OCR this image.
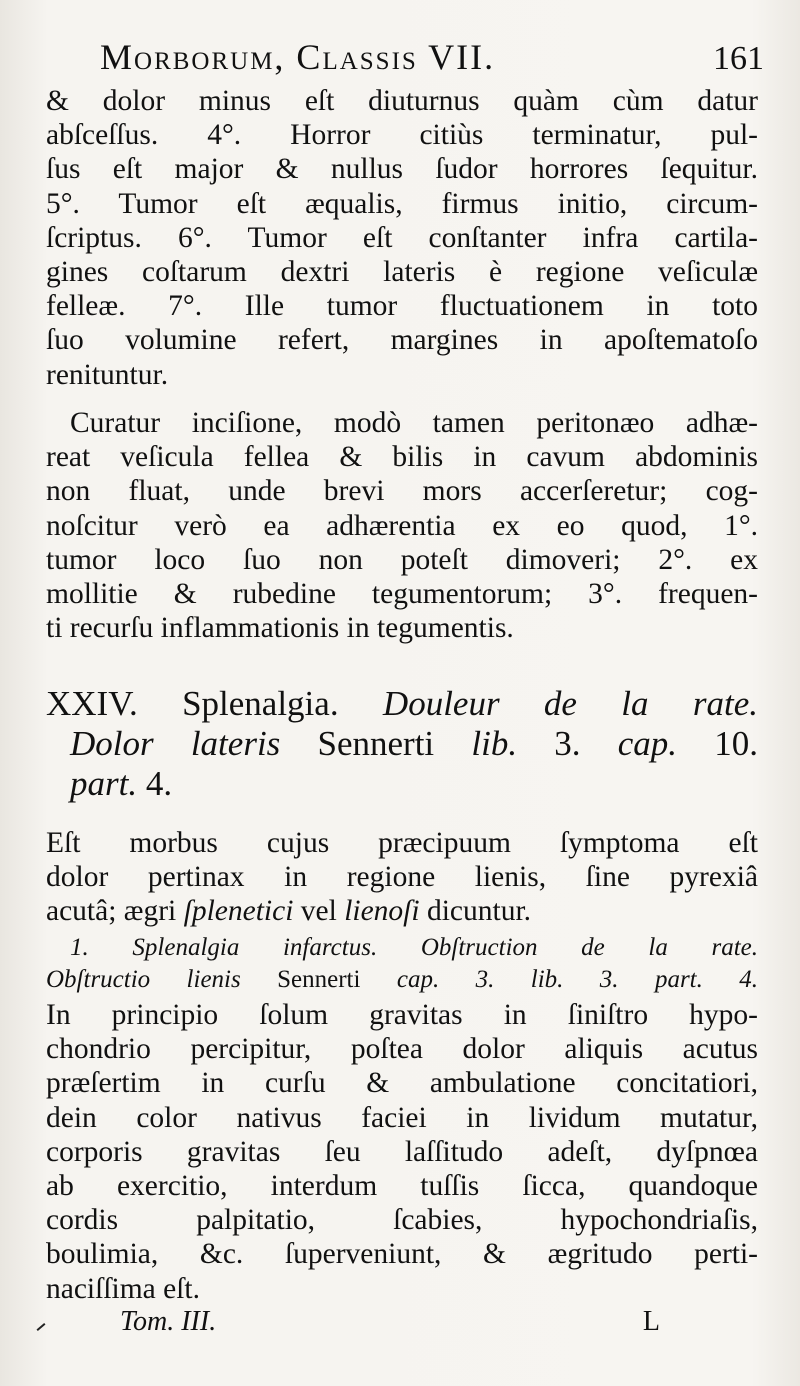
Morborum, Classis VII.	161
& dolor minus eſt diuturnus quàm cùm datur
abſceſſus. 4°. Horror citiùs terminatur, pul-
ſus eſt major & nullus ſudor horrores ſequitur.
5°. Tumor eſt æqualis, firmus initio, circum-
ſcriptus. 6°. Tumor eſt conſtanter infra cartila-
gines coſtarum dextri lateris è regione veſiculæ
felleæ. 7°. Ille tumor fluctuationem in toto
ſuo volumine refert, margines in apoſtematoſo
renituntur.
Curatur inciſione, modò tamen peritonæo adhæ-
reat veſicula fellea & bilis in cavum abdominis
non fluat, unde brevi mors accerſeretur; cog-
noſcitur verò ea adhærentia ex eo quod, 1°.
tumor loco ſuo non poteſt dimoveri; 2°. ex
mollitie & rubedine tegumentorum; 3°. frequen-
ti recurſu inflammationis in tegumentis.
XXIV. Splenalgia. Douleur de la rate.
Dolor lateris Sennerti lib. 3. cap. 10.
part. 4.
Eſt morbus cujus præcipuum ſymptoma eſt
dolor pertinax in regione lienis, ſine pyrexiâ
acutâ; ægri ſplenetici vel lienoſi dicuntur.
1. Splenalgia infarctus. Obſtruction de la rate.
Obſtructio lienis Sennerti cap. 3. lib. 3. part. 4.
In principio ſolum gravitas in ſiniſtro hypo-
chondrio percipitur, poſtea dolor aliquis acutus
præſertim in curſu & ambulatione concitatiori,
dein color nativus faciei in lividum mutatur,
corporis gravitas ſeu laſſitudo adeſt, dyſpnœa
ab exercitio, interdum tuſſis ſicca, quandoque
cordis palpitatio, ſcabies, hypochondriaſis,
boulimia, &c. ſuperveniunt, & ægritudo perti-
naciſſima eſt.
Tom. III.	L
